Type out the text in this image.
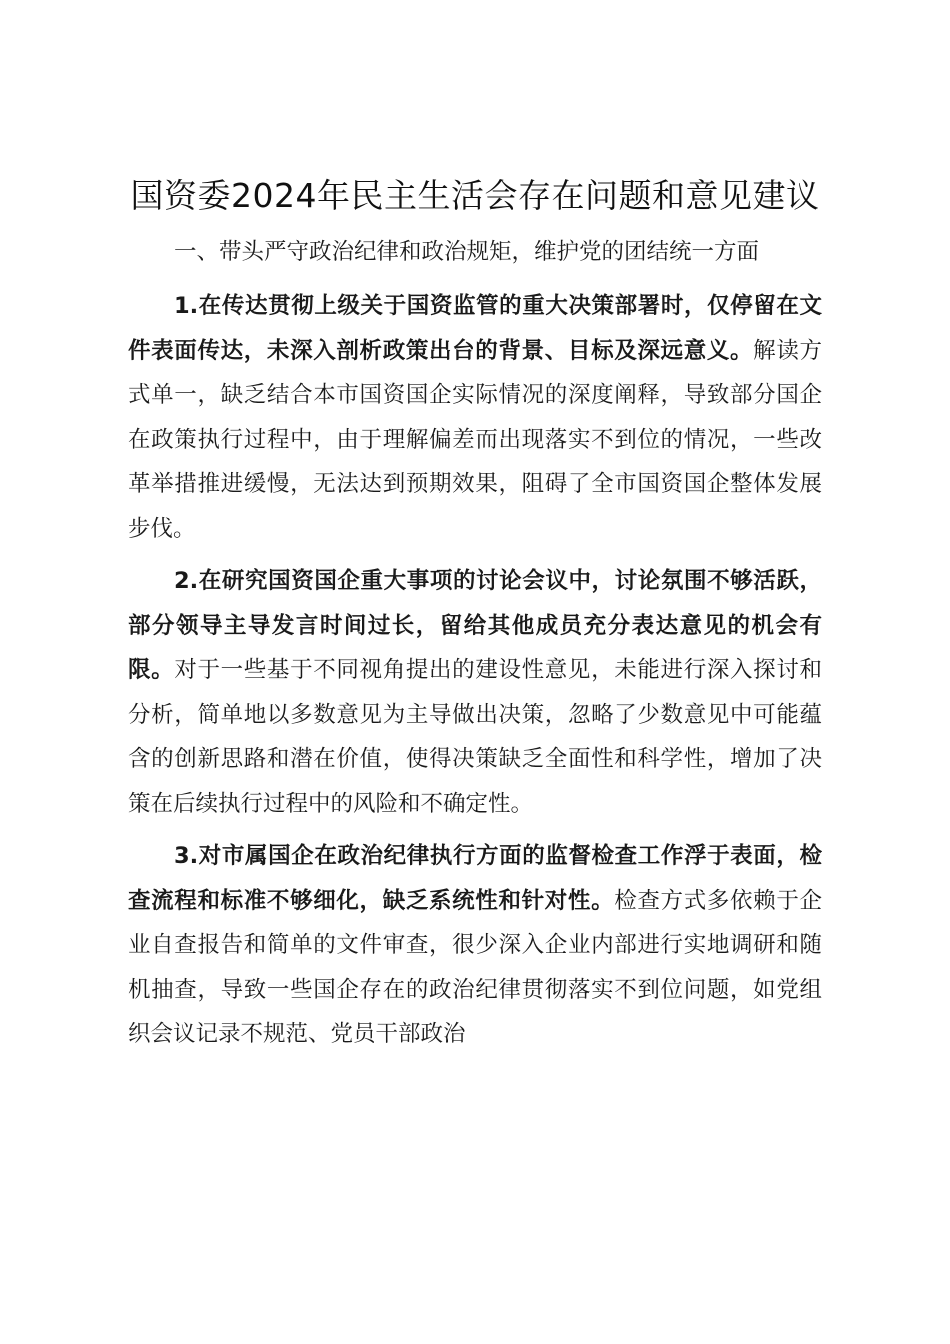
国资委2024年民主生活会存在问题和意见建议

一、带头严守政治纪律和政治规矩，维护党的团结统一方面

1.在传达贯彻上级关于国资监管的重大决策部署时，仅停留在文件表面传达，未深入剖析政策出台的背景、目标及深远意义。解读方式单一，缺乏结合本市国资国企实际情况的深度阐释，导致部分国企在政策执行过程中，由于理解偏差而出现落实不到位的情况，一些改革举措推进缓慢，无法达到预期效果，阻碍了全市国资国企整体发展步伐。

2.在研究国资国企重大事项的讨论会议中，讨论氛围不够活跃，部分领导主导发言时间过长，留给其他成员充分表达意见的机会有限。对于一些基于不同视角提出的建设性意见，未能进行深入探讨和分析，简单地以多数意见为主导做出决策，忽略了少数意见中可能蕴含的创新思路和潜在价值，使得决策缺乏全面性和科学性，增加了决策在后续执行过程中的风险和不确定性。

3.对市属国企在政治纪律执行方面的监督检查工作浮于表面，检查流程和标准不够细化，缺乏系统性和针对性。检查方式多依赖于企业自查报告和简单的文件审查，很少深入企业内部进行实地调研和随机抽查，导致一些国企存在的政治纪律贯彻落实不到位问题，如党组织会议记录不规范、党员干部政治
